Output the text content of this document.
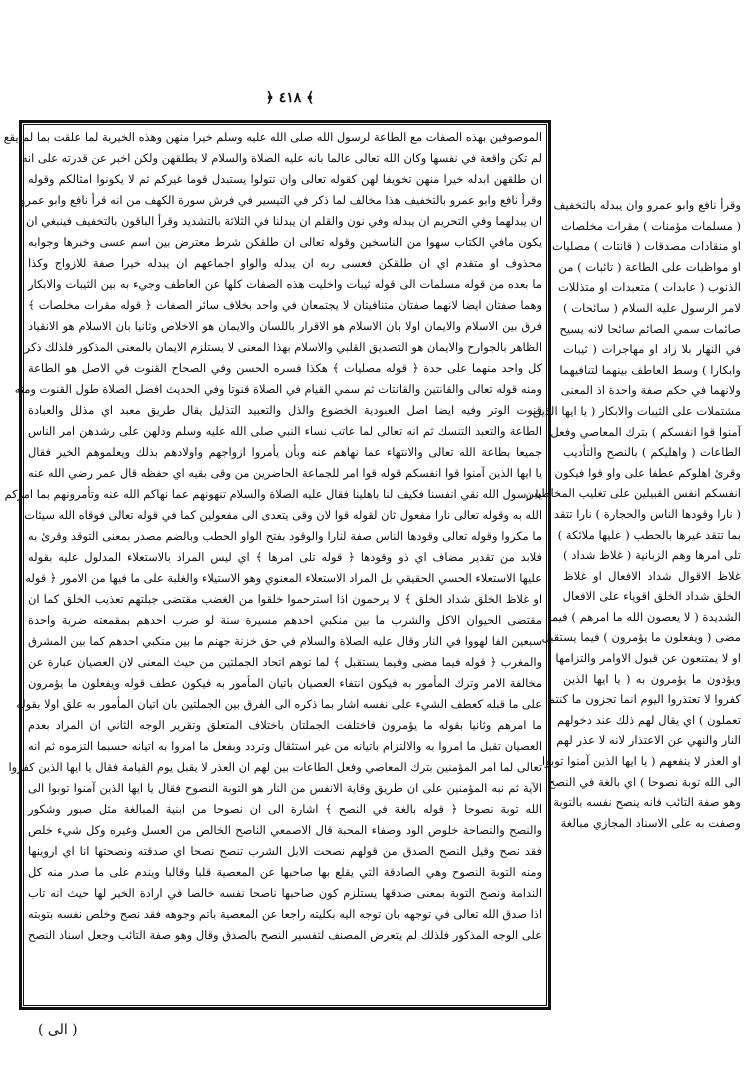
﴿ ٤١٨ ﴾
الموصوفين بهذه الصفات مع الطاعة لرسول الله صلى الله عليه وسلم خيرا منهن وهذه الخيرية لما علقت بما لم يقع
لم تكن واقعة في نفسها وكان الله تعالى عالما بانه عليه الصلاة والسلام لا يطلقهن ولكن اخبر عن قدرته على انه
ان طلقهن ابدله خيرا منهن تخويفا لهن كقوله تعالى وان تتولوا يستبدل قوما غيركم ثم لا يكونوا امثالكم وقوله
وقرأ نافع وابو عمرو بالتخفيف هذا مخالف لما ذكر في التيسير في فرش سورة الكهف من انه قرأ نافع وابو عمرو
ان يبدلهما وفي التحريم ان يبدله وفي نون والقلم ان يبدلنا في الثلاثة بالتشديد وقرأ الباقون بالتخفيف فينبغي ان
يكون مافي الكتاب سهوا من الناسخين وقوله تعالى ان طلقكن شرط معترض بين اسم عسى وخبرها وجوابه
محذوف او متقدم اي ان طلقكن فعسى ربه ان يبدله والواو اجماعهم ان يبدله خيرا صفة للازواج وكذا
ما بعده من قوله مسلمات الى قوله ثيبات واخليت هذه الصفات كلها عن العاطف وجيء به بين الثيبات والابكار
وهما صفتان ايضا لانهما صفتان متنافيتان لا يجتمعان في واحد بخلاف سائر الصفات ﴿ قوله مقرات مخلصات ﴾
فرق بين الاسلام والايمان اولا بان الاسلام هو الاقرار باللسان والايمان هو الاخلاص وثانيا بان الاسلام هو الانقياد
الظاهر بالجوارح والايمان هو التصديق القلبي والاسلام بهذا المعنى لا يستلزم الايمان بالمعنى المذكور فلذلك ذكر
كل واحد منهما على حدة ﴿ قوله مصليات ﴾ هكذا فسره الحسن وفي الصحاح القنوت في الاصل هو الطاعة
ومنه قوله تعالى والقانتين والقانتات ثم سمي القيام في الصلاة قنوتا وفي الحديث افضل الصلاة طول القنوت ومنه
قنوت الوتر وفيه ايضا اصل العبودية الخضوع والذل والتعبيد التذليل يقال طريق معبد اي مذلل والعبادة
الطاعة والتعبد التنسك ثم انه تعالى لما عاتب نساء النبي صلى الله عليه وسلم ودلهن على رشدهن امر الناس
جميعا بطاعة الله تعالى والانتهاء عما نهاهم عنه وبأن يأمروا ازواجهم واولادهم بذلك ويعلموهم الخير فقال
يا ايها الذين آمنوا قوا انفسكم قوله قوا امر للجماعة الحاضرين من وقى بقيه اي حفظه قال عمر رضي الله عنه
يا رسول الله نقي انفسنا فكيف لنا باهلينا فقال عليه الصلاة والسلام تنهونهم عما نهاكم الله عنه وتأمرونهم بما امركم
الله به وقوله تعالى نارا مفعول ثان لقوله قوا لان وقى يتعدى الى مفعولين كما في قوله تعالى فوقاه الله سيئات
ما مكروا وقوله تعالى وقودها الناس صفة لنارا والوقود بفتح الواو الحطب وبالضم مصدر بمعنى التوقد وقرئ به
فلابد من تقدير مضاف اي ذو وقودها ﴿ قوله تلى امرها ﴾ اي ليس المراد بالاستعلاء المدلول عليه بقوله
عليها الاستعلاء الحسي الحقيقي بل المراد الاستعلاء المعنوي وهو الاستيلاء والغلبة على ما فيها من الامور ﴿ قوله
او غلاظ الخلق شداد الخلق ﴾ لا يرحمون اذا استرحموا خلقوا من الغضب مقتضى جبلتهم تعذيب الخلق كما ان
مقتضى الحيوان الاكل والشرب ما بين منكبي احدهم مسيرة سنة لو ضرب احدهم بمقمعته ضربة واحدة
سبعين الفا لهووا في النار وقال عليه الصلاة والسلام في حق خزنة جهنم ما بين منكبي احدهم كما بين المشرق
والمغرب ﴿ قوله فيما مضى وفيما يستقبل ﴾ لما توهم اتحاد الجملتين من حيث المعنى لان العصيان عبارة عن
مخالفة الامر وترك المأمور به فيكون انتفاء العصيان باتيان المأمور به فيكون عطف قوله ويفعلون ما يؤمرون
على ما قبله كعطف الشيء على نفسه اشار بما ذكره الى الفرق بين الجملتين بان اتيان المأمور به علق اولا بقوله
ما امرهم وثانيا بقوله ما يؤمرون فاختلفت الجملتان باختلاف المتعلق وتقرير الوجه الثاني ان المراد بعدم
العصيان تقبل ما امروا به والالتزام باتيانه من غير استثقال وتردد وبفعل ما امروا به اتيانه حسبما التزموه ثم انه
تعالى لما امر المؤمنين بترك المعاصي وفعل الطاعات بين لهم ان العذر لا يقبل يوم القيامة فقال يا ايها الذين كفروا
الآية ثم نبه المؤمنين على ان طريق وقاية الانفس من النار هو التوبة النصوح فقال يا ايها الذين آمنوا توبوا الى
الله توبة نصوحا ﴿ قوله بالغة في النصح ﴾ اشارة الى ان نصوحا من ابنية المبالغة مثل صبور وشكور
والنصح والنصاحة خلوص الود وصفاء المحبة قال الاصمعي الناصح الخالص من العسل وغيره وكل شيء خلص
فقد نصح وقيل النصح الصدق من قولهم نصحت الابل الشرب تنصح نصحا اي صدقته ونصحتها انا اي اروينها
ومنه التوبة النصوح وهي الصادقة التي يقلع بها صاحبها عن المعصية قلبا وقالبا ويندم على ما صدر منه كل
الندامة ونصح التوبة بمعنى صدقها يستلزم كون صاحبها ناصحا نفسه خالصا في ارادة الخير لها حيث انه تاب
اذا صدق الله تعالى في توجهه بان توجه اليه بكليته راجعا عن المعصية باتم وجوهه فقد نصح وخلص نفسه بتوبته
على الوجه المذكور فلذلك لم يتعرض المصنف لتفسير النصح بالصدق وقال وهو صفة التائب وجعل اسناد النصح
وقرأ نافع وابو عمرو وان يبدله بالتخفيف
( مسلمات مؤمنات ) مقرات مخلصات
او منقادات مصدقات ( قانتات ) مصليات
او مواظبات على الطاعة ( تائبات ) من
الذنوب ( عابدات ) متعبدات او متذللات
لامر الرسول عليه السلام ( سائحات )
صائمات سمي الصائم سائحا لانه يسيح
في النهار بلا زاد او مهاجرات ( ثيبات
وابكارا ) وسط العاطف بينهما لتنافيهما
ولانهما في حكم صفة واحدة اذ المعنى
مشتملات على الثيبات والابكار ( يا ايها الذين
آمنوا قوا انفسكم ) بترك المعاصي وفعل
الطاعات ( واهليكم ) بالنصح والتأديب
وقرئ اهلوكم عطفا على واو قوا فيكون
انفسكم انفس القبيلين على تغليب المخاطبين
( نارا وقودها الناس والحجارة ) نارا تتقد
بما تتقد غيرها بالحطب ( عليها ملائكة )
تلى امرها وهم الزبانية ( غلاظ شداد )
غلاظ الاقوال شداد الافعال او غلاظ
الخلق شداد الخلق اقوياء على الافعال
الشديدة ( لا يعصون الله ما امرهم ) فيما
مضى ( ويفعلون ما يؤمرون ) فيما يستقبل
او لا يمتنعون عن قبول الاوامر والتزامها
ويؤدون ما يؤمرون به ( يا ايها الذين
كفروا لا تعتذروا اليوم انما تجزون ما كنتم
تعملون ) اي يقال لهم ذلك عند دخولهم
النار والنهي عن الاعتذار لانه لا عذر لهم
او العذر لا ينفعهم ( يا ايها الذين آمنوا توبوا
الى الله توبة نصوحا ) اي بالغة في النصح
وهو صفة التائب فانه ينصح نفسه بالتوبة
وصفت به على الاسناد المجازي مبالغة
( الى )
